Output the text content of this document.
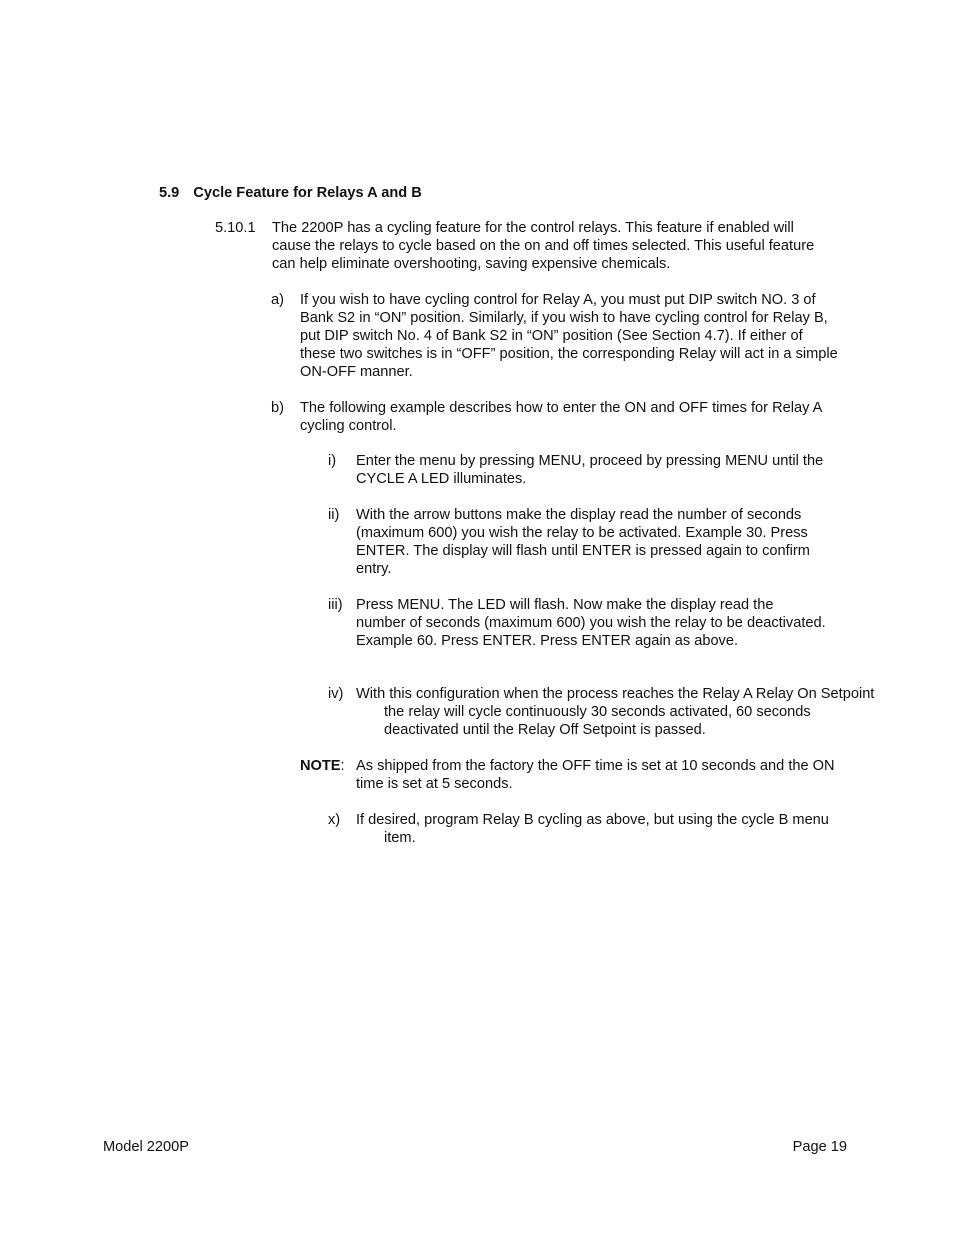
5.9 Cycle Feature for Relays A and B
5.10.1 The 2200P has a cycling feature for the control relays. This feature if enabled will cause the relays to cycle based on the on and off times selected. This useful feature can help eliminate overshooting, saving expensive chemicals.

a) If you wish to have cycling control for Relay A, you must put DIP switch NO. 3 of Bank S2 in “ON” position. Similarly, if you wish to have cycling control for Relay B, put DIP switch No. 4 of Bank S2 in “ON” position (See Section 4.7). If either of these two switches is in “OFF” position, the corresponding Relay will act in a simple ON-OFF manner.

b) The following example describes how to enter the ON and OFF times for Relay A cycling control.

i) Enter the menu by pressing MENU, proceed by pressing MENU until the CYCLE A LED illuminates.

ii) With the arrow buttons make the display read the number of seconds (maximum 600) you wish the relay to be activated. Example 30. Press ENTER. The display will flash until ENTER is pressed again to confirm entry.

iii) Press MENU. The LED will flash. Now make the display read the number of seconds (maximum 600) you wish the relay to be deactivated. Example 60. Press ENTER. Press ENTER again as above.

iv) With this configuration when the process reaches the Relay A Relay On Setpoint the relay will cycle continuously 30 seconds activated, 60 seconds deactivated until the Relay Off Setpoint is passed.

NOTE: As shipped from the factory the OFF time is set at 10 seconds and the ON time is set at 5 seconds.

x) If desired, program Relay B cycling as above, but using the cycle B menu item.

Model 2200P	Page 19
